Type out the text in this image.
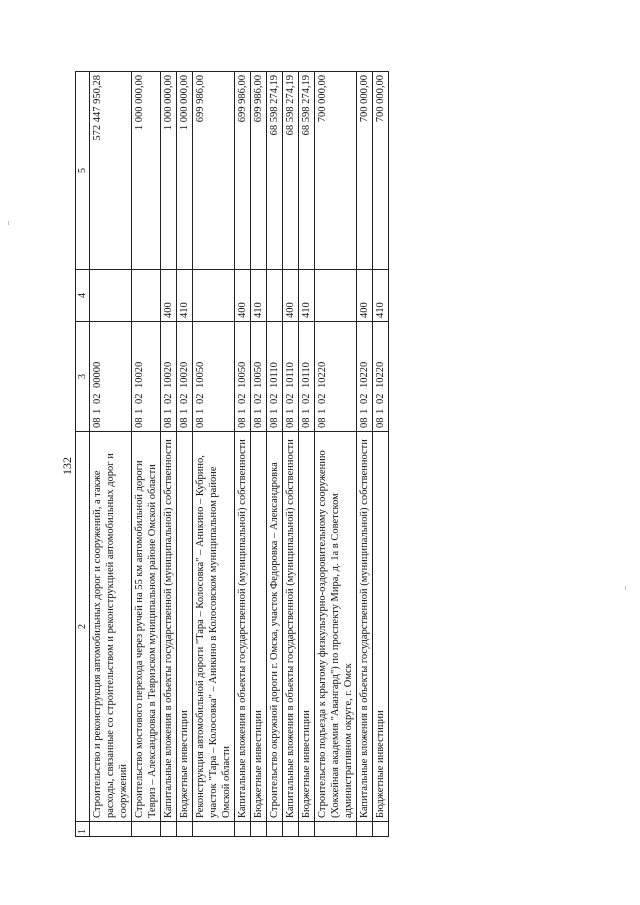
132
1	2	3	4	5
	Строительство и реконструкция автомобильных дорог и сооружений, а также расходы, связанные со строительством и реконструкцией автомобильных дорог и сооружений	0810200000		572 447 950,28
	Строительство мостового перехода через ручей на 55 км автомобильной дороги Тевриз – Александровка в Тевризском муниципальном районе Омской области	0810210020		1 000 000,00
	Капитальные вложения в объекты государственной (муниципальной) собственности	0810210020	400	1 000 000,00
	Бюджетные инвестиции	0810210020	410	1 000 000,00
	Реконструкция автомобильной дороги "Тара – Колосовка" – Аникино – Кубрино, участок "Тара – Колосовка" – Аникино в Колосовском муниципальном районе Омской области	0810210050		699 986,00
	Капитальные вложения в объекты государственной (муниципальной) собственности	0810210050	400	699 986,00
	Бюджетные инвестиции	0810210050	410	699 986,00
	Строительство окружной дороги г. Омска, участок Федоровка – Александровка	0810210110		68 598 274,19
	Капитальные вложения в объекты государственной (муниципальной) собственности	0810210110	400	68 598 274,19
	Бюджетные инвестиции	0810210110	410	68 598 274,19
	Строительство подъезда к крытому физкультурно-оздоровительному сооружению (Хоккейная академия "Авангард") по проспекту Мира, д. 1а в Советском административном округе, г. Омск	0810210220		700 000,00
	Капитальные вложения в объекты государственной (муниципальной) собственности	0810210220	400	700 000,00
	Бюджетные инвестиции	0810210220	410	700 000,00
